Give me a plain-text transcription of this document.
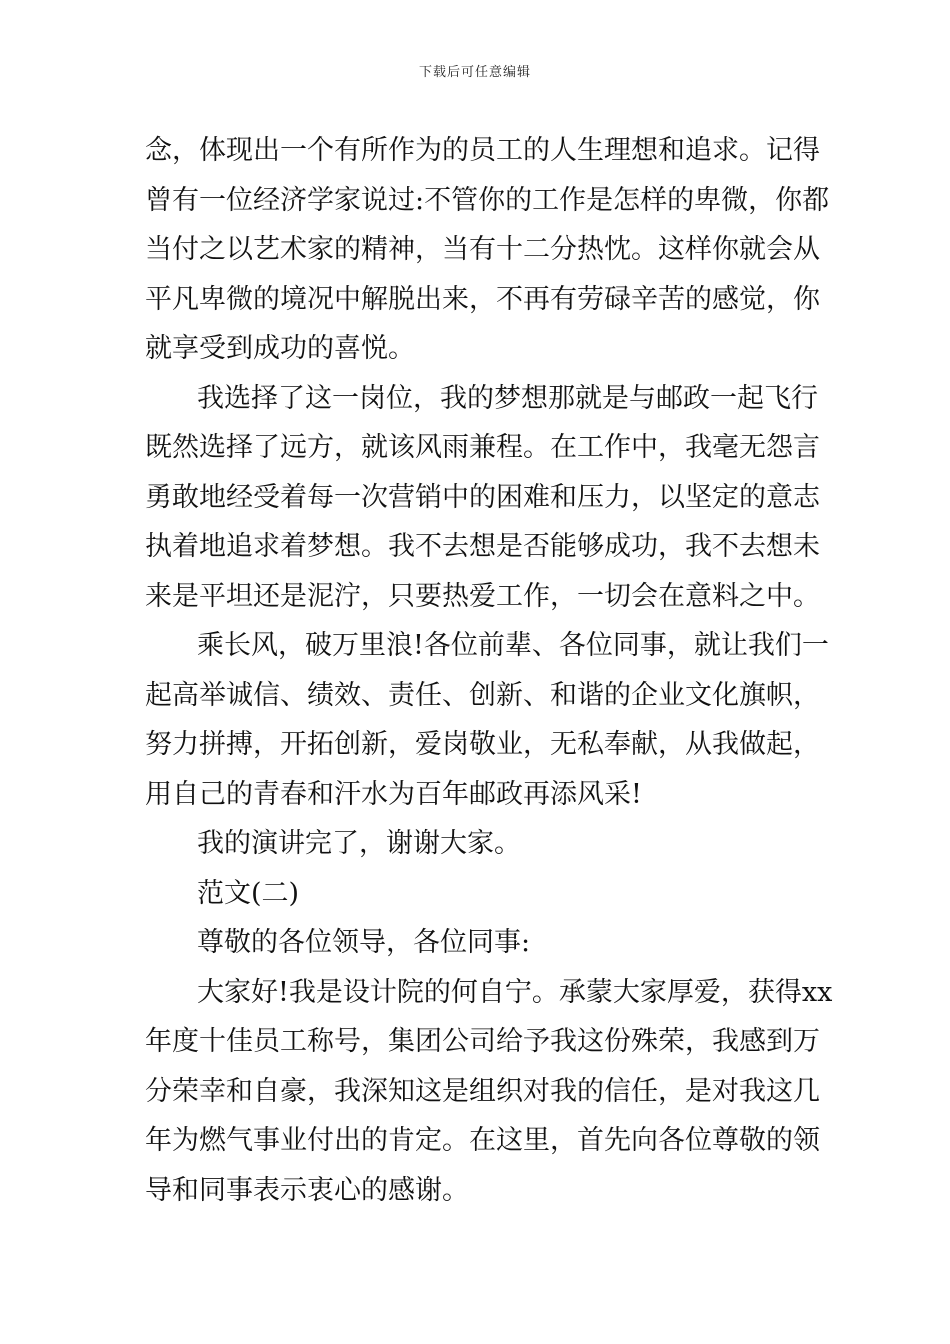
下载后可任意编辑
念，体现出一个有所作为的员工的人生理想和追求。记得
曾有一位经济学家说过:不管你的工作是怎样的卑微，你都
当付之以艺术家的精神，当有十二分热忱。这样你就会从
平凡卑微的境况中解脱出来，不再有劳碌辛苦的感觉，你
就享受到成功的喜悦。
我选择了这一岗位，我的梦想那就是与邮政一起飞行
既然选择了远方，就该风雨兼程。在工作中，我毫无怨言
勇敢地经受着每一次营销中的困难和压力，以坚定的意志
执着地追求着梦想。我不去想是否能够成功，我不去想未
来是平坦还是泥泞，只要热爱工作，一切会在意料之中。
乘长风，破万里浪!各位前辈、各位同事，就让我们一
起高举诚信、绩效、责任、创新、和谐的企业文化旗帜，
努力拼搏，开拓创新，爱岗敬业，无私奉献，从我做起，
用自己的青春和汗水为百年邮政再添风采!
我的演讲完了，谢谢大家。
范文(二)
尊敬的各位领导，各位同事:
大家好!我是设计院的何自宁。承蒙大家厚爱，获得xx
年度十佳员工称号，集团公司给予我这份殊荣，我感到万
分荣幸和自豪，我深知这是组织对我的信任，是对我这几
年为燃气事业付出的肯定。在这里，首先向各位尊敬的领
导和同事表示衷心的感谢。
